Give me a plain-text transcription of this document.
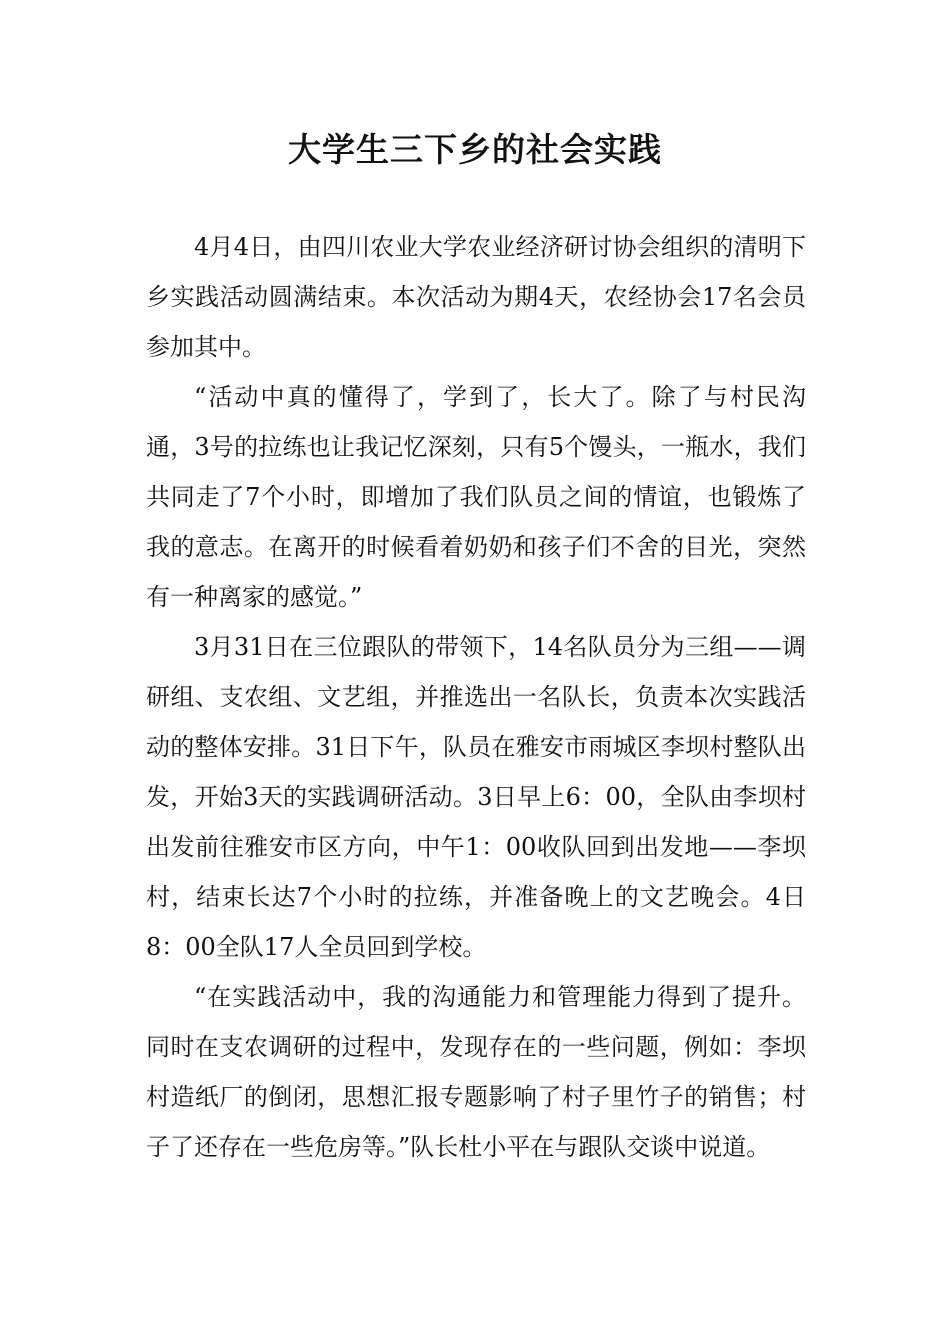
大学生三下乡的社会实践

4月4日，由四川农业大学农业经济研讨协会组织的清明下乡实践活动圆满结束。本次活动为期4天，农经协会17名会员参加其中。

“活动中真的懂得了，学到了，长大了。除了与村民沟通，3号的拉练也让我记忆深刻，只有5个馒头，一瓶水，我们共同走了7个小时，即增加了我们队员之间的情谊，也锻炼了我的意志。在离开的时候看着奶奶和孩子们不舍的目光，突然有一种离家的感觉。”

3月31日在三位跟队的带领下，14名队员分为三组——调研组、支农组、文艺组，并推选出一名队长，负责本次实践活动的整体安排。31日下午，队员在雅安市雨城区李坝村整队出发，开始3天的实践调研活动。3日早上6：00，全队由李坝村出发前往雅安市区方向，中午1：00收队回到出发地——李坝村，结束长达7个小时的拉练，并准备晚上的文艺晚会。4日8：00全队17人全员回到学校。

“在实践活动中，我的沟通能力和管理能力得到了提升。同时在支农调研的过程中，发现存在的一些问题，例如：李坝村造纸厂的倒闭，思想汇报专题影响了村子里竹子的销售；村子了还存在一些危房等。”队长杜小平在与跟队交谈中说道。
